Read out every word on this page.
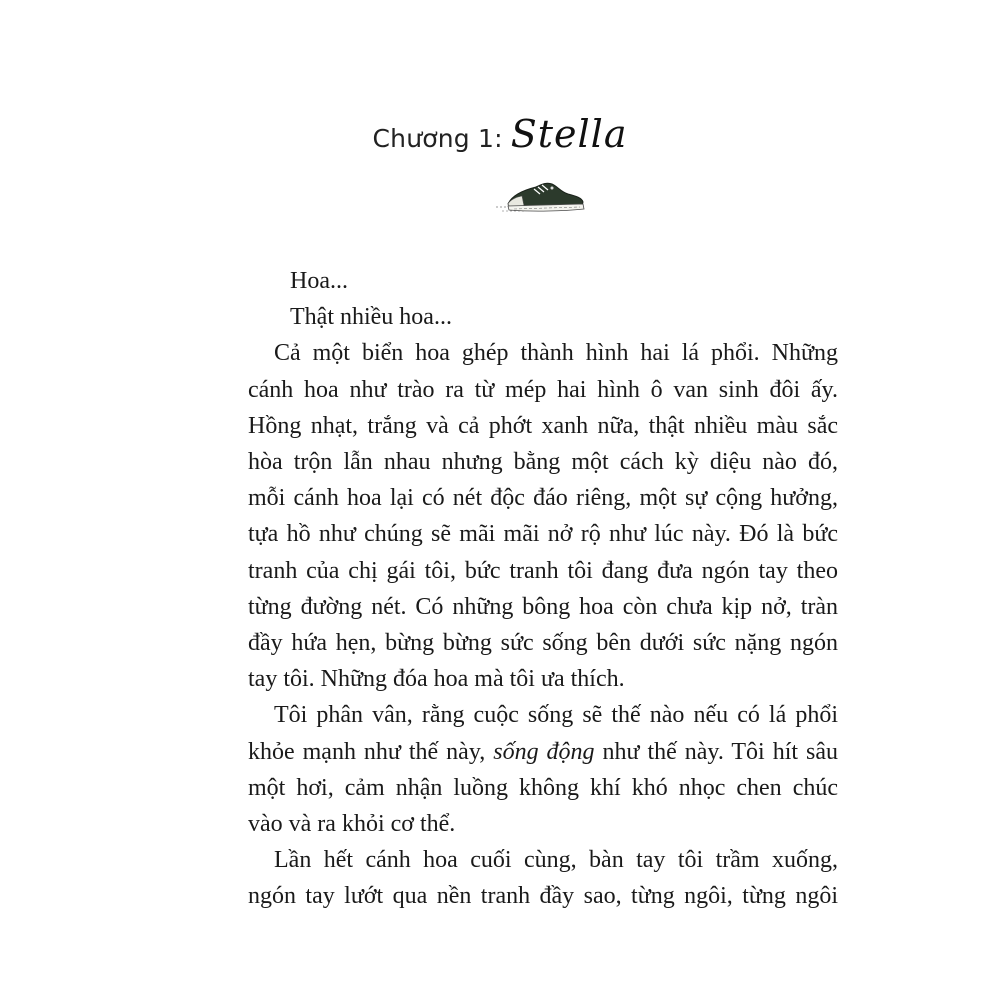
Chương 1: Stella
Hoa...
Thật nhiều hoa...
Cả một biển hoa ghép thành hình hai lá phổi. Những
cánh hoa như trào ra từ mép hai hình ô van sinh đôi ấy.
Hồng nhạt, trắng và cả phớt xanh nữa, thật nhiều màu sắc
hòa trộn lẫn nhau nhưng bằng một cách kỳ diệu nào đó,
mỗi cánh hoa lại có nét độc đáo riêng, một sự cộng hưởng,
tựa hồ như chúng sẽ mãi mãi nở rộ như lúc này. Đó là bức
tranh của chị gái tôi, bức tranh tôi đang đưa ngón tay theo
từng đường nét. Có những bông hoa còn chưa kịp nở, tràn
đầy hứa hẹn, bừng bừng sức sống bên dưới sức nặng ngón
tay tôi. Những đóa hoa mà tôi ưa thích.
Tôi phân vân, rằng cuộc sống sẽ thế nào nếu có lá phổi
khỏe mạnh như thế này, sống động như thế này. Tôi hít sâu
một hơi, cảm nhận luồng không khí khó nhọc chen chúc
vào và ra khỏi cơ thể.
Lần hết cánh hoa cuối cùng, bàn tay tôi trầm xuống,
ngón tay lướt qua nền tranh đầy sao, từng ngôi, từng ngôi
